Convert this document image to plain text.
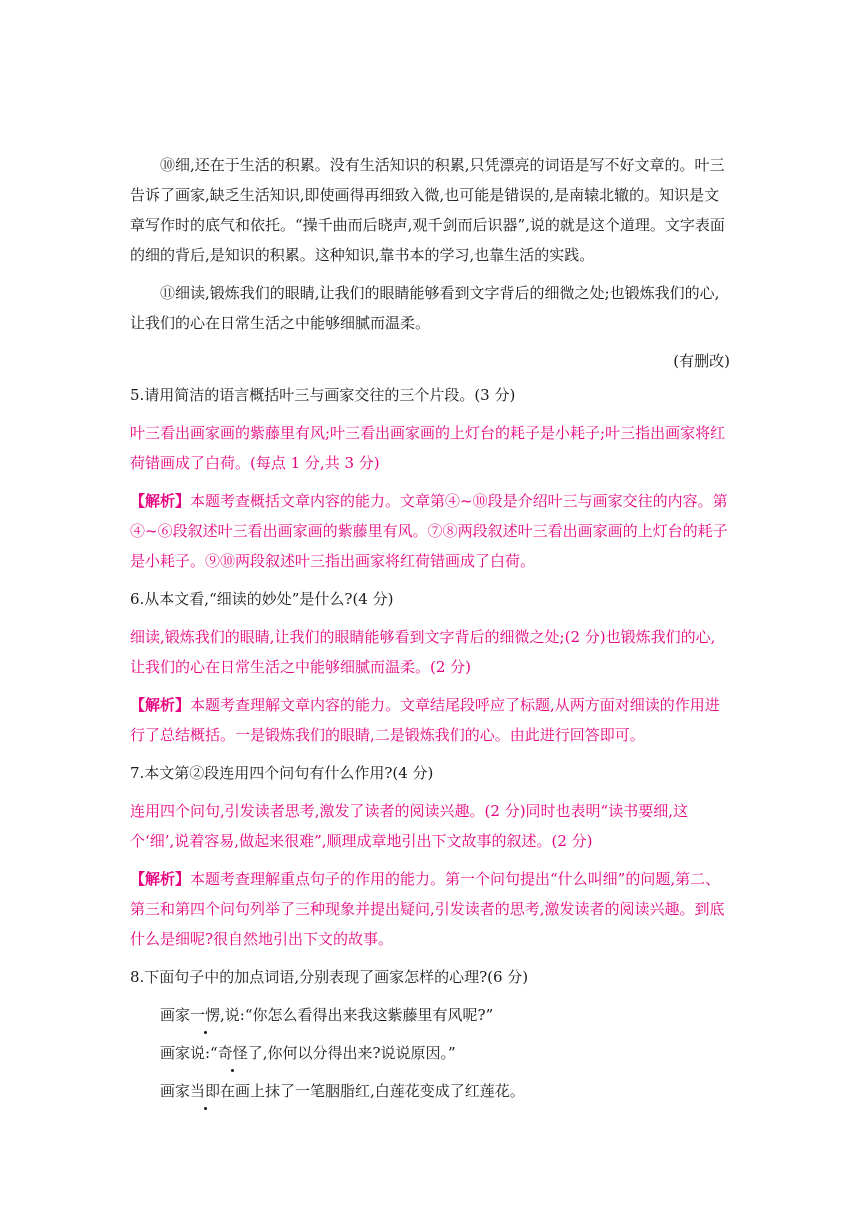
⑩细,还在于生活的积累。没有生活知识的积累,只凭漂亮的词语是写不好文章的。叶三告诉了画家,缺乏生活知识,即使画得再细致入微,也可能是错误的,是南辕北辙的。知识是文章写作时的底气和依托。“操千曲而后晓声,观千剑而后识器”,说的就是这个道理。文字表面的细的背后,是知识的积累。这种知识,靠书本的学习,也靠生活的实践。

⑪细读,锻炼我们的眼睛,让我们的眼睛能够看到文字背后的细微之处;也锻炼我们的心,让我们的心在日常生活之中能够细腻而温柔。

(有删改)

5.请用简洁的语言概括叶三与画家交往的三个片段。(3 分)

叶三看出画家画的紫藤里有风;叶三看出画家画的上灯台的耗子是小耗子;叶三指出画家将红荷错画成了白荷。(每点 1 分,共 3 分)

【解析】本题考查概括文章内容的能力。文章第④~⑩段是介绍叶三与画家交往的内容。第④~⑥段叙述叶三看出画家画的紫藤里有风。⑦⑧两段叙述叶三看出画家画的上灯台的耗子是小耗子。⑨⑩两段叙述叶三指出画家将红荷错画成了白荷。

6.从本文看,“细读的妙处”是什么?(4 分)

细读,锻炼我们的眼睛,让我们的眼睛能够看到文字背后的细微之处;(2 分)也锻炼我们的心,让我们的心在日常生活之中能够细腻而温柔。(2 分)

【解析】本题考查理解文章内容的能力。文章结尾段呼应了标题,从两方面对细读的作用进行了总结概括。一是锻炼我们的眼睛,二是锻炼我们的心。由此进行回答即可。

7.本文第②段连用四个问句有什么作用?(4 分)

连用四个问句,引发读者思考,激发了读者的阅读兴趣。(2 分)同时也表明“读书要细,这个‘细’,说着容易,做起来很难”,顺理成章地引出下文故事的叙述。(2 分)

【解析】本题考查理解重点句子的作用的能力。第一个问句提出“什么叫细”的问题,第二、第三和第四个问句列举了三种现象并提出疑问,引发读者的思考,激发读者的阅读兴趣。到底什么是细呢?很自然地引出下文的故事。

8.下面句子中的加点词语,分别表现了画家怎样的心理?(6 分)

画家一愣,说:“你怎么看得出来我这紫藤里有风呢?”

画家说:“奇怪了,你何以分得出来?说说原因。”

画家当即在画上抹了一笔胭脂红,白莲花变成了红莲花。
